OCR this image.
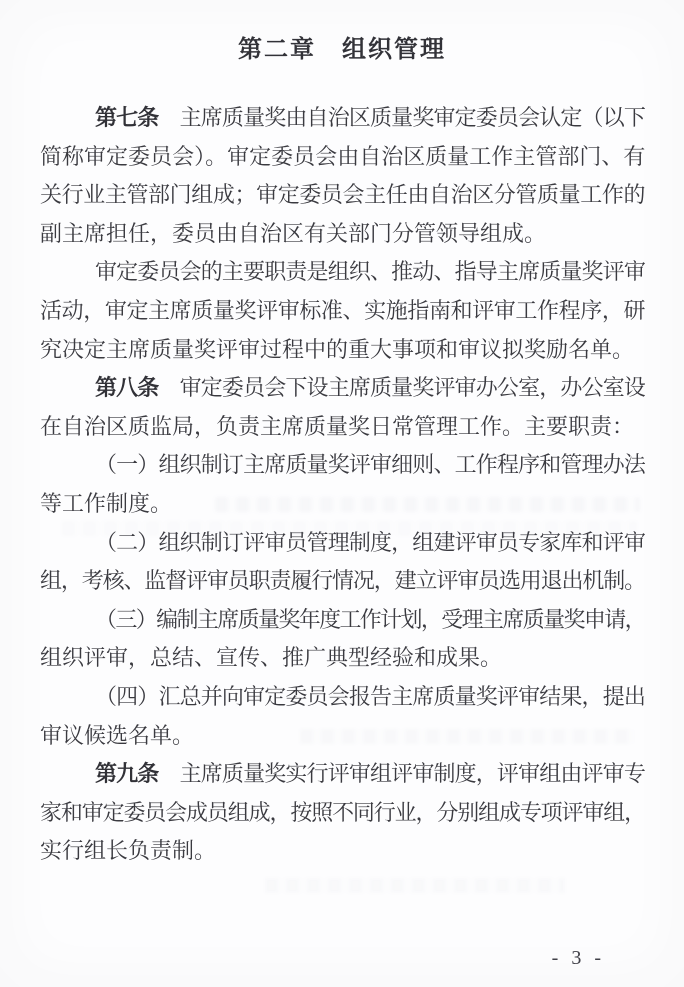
第二章　组织管理
第七条　主席质量奖由自治区质量奖审定委员会认定（以下
简称审定委员会）。审定委员会由自治区质量工作主管部门、有
关行业主管部门组成；审定委员会主任由自治区分管质量工作的
副主席担任，委员由自治区有关部门分管领导组成。
审定委员会的主要职责是组织、推动、指导主席质量奖评审
活动，审定主席质量奖评审标准、实施指南和评审工作程序，研
究决定主席质量奖评审过程中的重大事项和审议拟奖励名单。
第八条　审定委员会下设主席质量奖评审办公室，办公室设
在自治区质监局，负责主席质量奖日常管理工作。主要职责：
（一）组织制订主席质量奖评审细则、工作程序和管理办法
等工作制度。
（二）组织制订评审员管理制度，组建评审员专家库和评审
组，考核、监督评审员职责履行情况，建立评审员选用退出机制。
（三）编制主席质量奖年度工作计划，受理主席质量奖申请，
组织评审，总结、宣传、推广典型经验和成果。
（四）汇总并向审定委员会报告主席质量奖评审结果，提出
审议候选名单。
第九条　主席质量奖实行评审组评审制度，评审组由评审专
家和审定委员会成员组成，按照不同行业，分别组成专项评审组，
实行组长负责制。
- 3 -
